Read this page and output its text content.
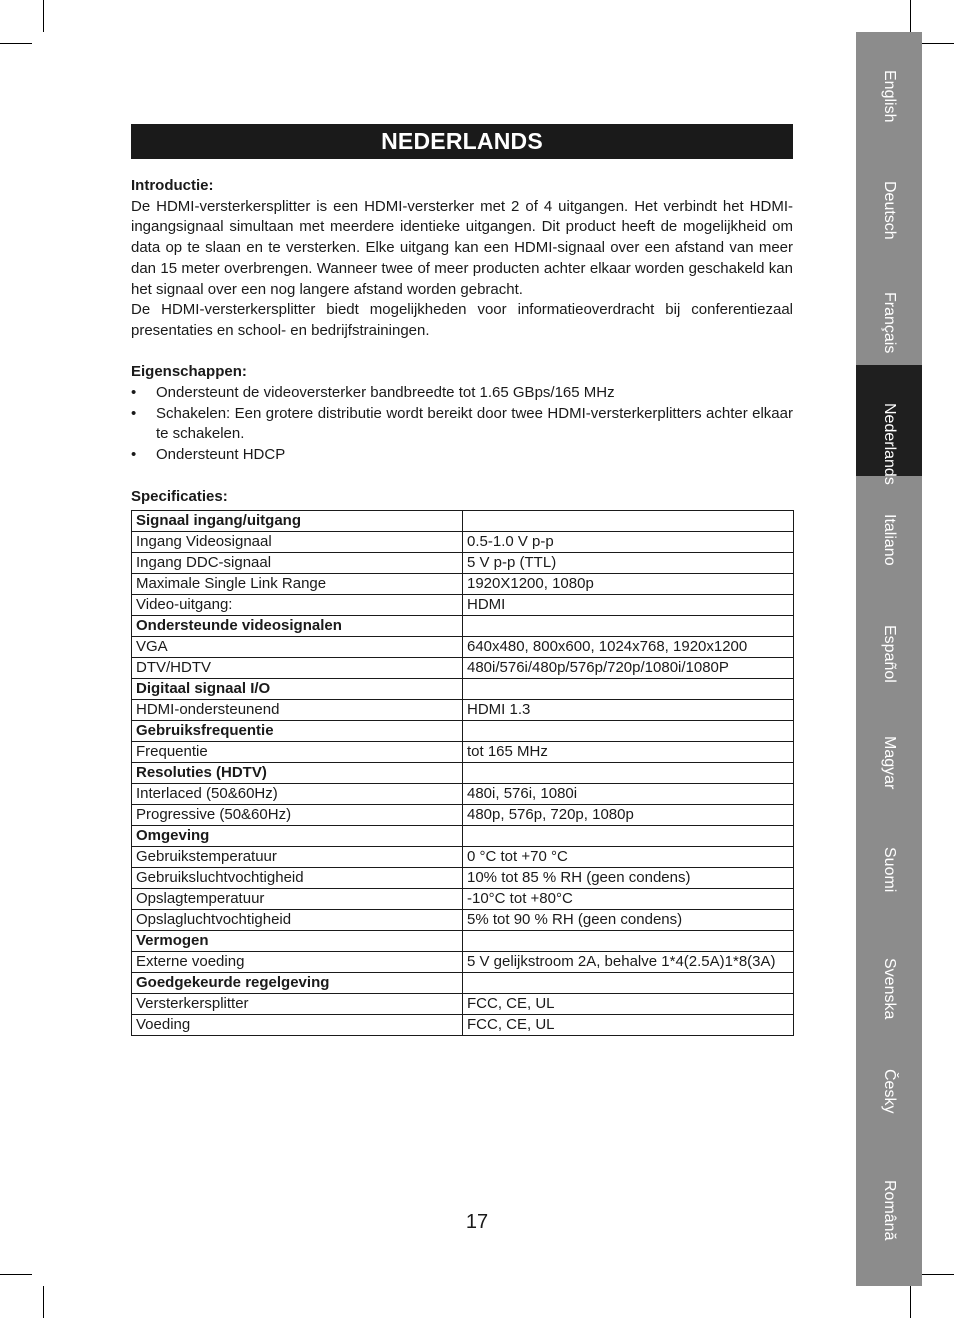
English
Deutsch
Français
Nederlands
Italiano
Español
Magyar
Suomi
Svenska
Česky
Română
NEDERLANDS
Introductie:

De HDMI-versterkersplitter is een HDMI-versterker met 2 of 4 uitgangen. Het verbindt het HDMI-ingangsignaal simultaan met meerdere identieke uitgangen. Dit product heeft de mogelijkheid om data op te slaan en te versterken. Elke uitgang kan een HDMI-signaal over een afstand van meer dan 15 meter overbrengen. Wanneer twee of meer producten achter elkaar worden geschakeld kan het signaal over een nog langere afstand worden gebracht.

De HDMI-versterkersplitter biedt mogelijkheden voor informatieoverdracht bij conferentiezaal presentaties en school- en bedrijfstrainingen.

Eigenschappen:
• Ondersteunt de videoversterker bandbreedte tot 1.65 GBps/165 MHz
• Schakelen: Een grotere distributie wordt bereikt door twee HDMI-versterkerplitters achter elkaar te schakelen.
• Ondersteunt HDCP
Specificaties:
Signaal ingang/uitgang	
Ingang Videosignaal	0.5-1.0 V p-p
Ingang DDC-signaal	5 V p-p (TTL)
Maximale Single Link Range	1920X1200, 1080p
Video-uitgang:	HDMI
Ondersteunde videosignalen	
VGA	640x480, 800x600, 1024x768, 1920x1200
DTV/HDTV	480i/576i/480p/576p/720p/1080i/1080P
Digitaal signaal I/O	
HDMI-ondersteunend	HDMI 1.3
Gebruiksfrequentie	
Frequentie	tot 165 MHz
Resoluties (HDTV)	
Interlaced (50&60Hz)	480i, 576i, 1080i
Progressive (50&60Hz)	480p, 576p, 720p, 1080p
Omgeving	
Gebruikstemperatuur	0 °C tot +70 °C
Gebruiksluchtvochtigheid	10% tot 85 % RH (geen condens)
Opslagtemperatuur	-10°C tot +80°C
Opslagluchtvochtigheid	5% tot 90 % RH (geen condens)
Vermogen	
Externe voeding	5 V gelijkstroom 2A, behalve 1*4(2.5A)1*8(3A)
Goedgekeurde regelgeving	
Versterkersplitter	FCC, CE, UL
Voeding	FCC, CE, UL
17
